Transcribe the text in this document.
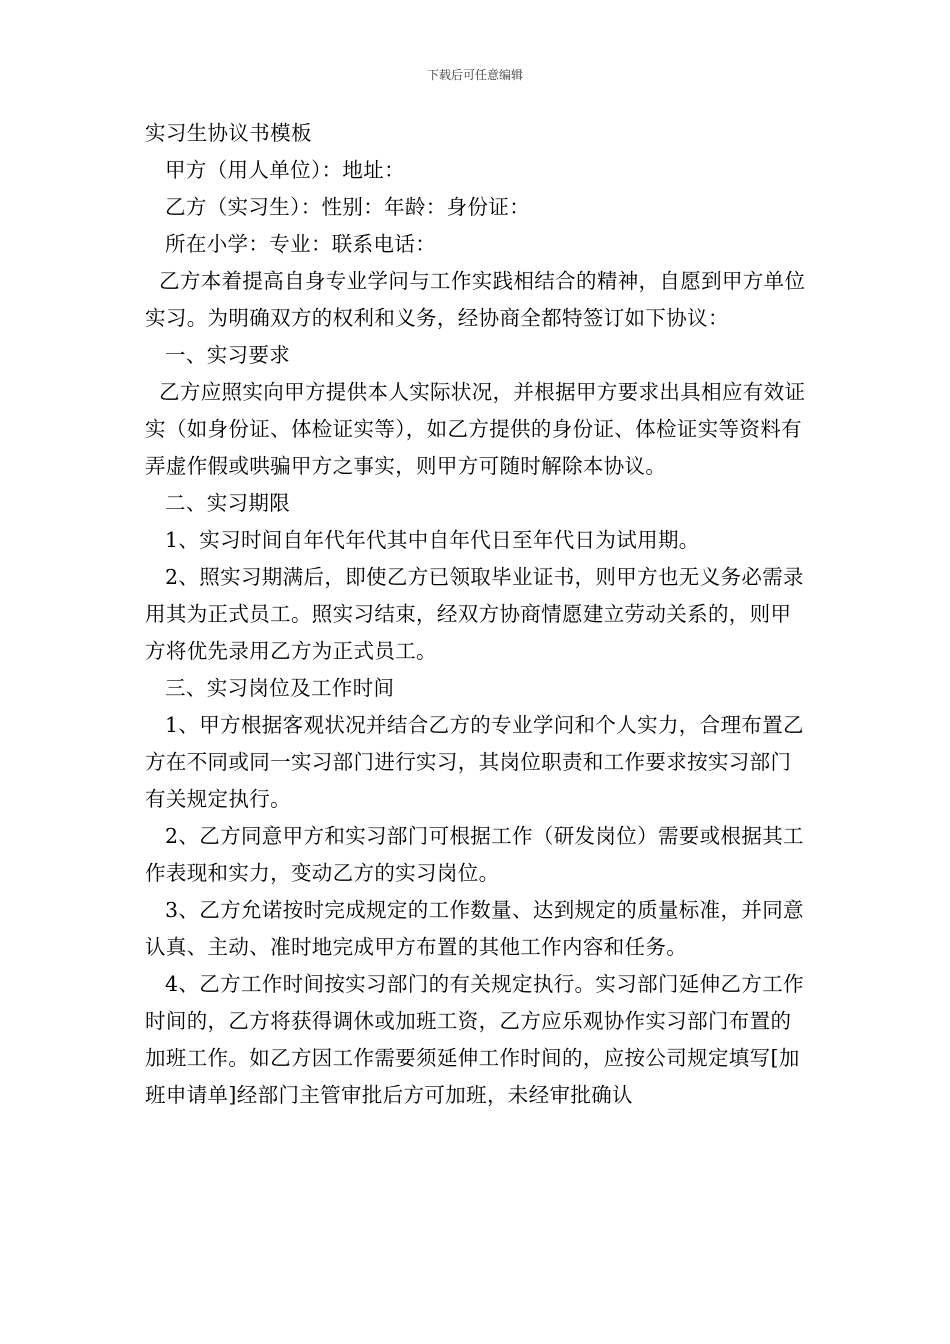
下载后可任意编辑

实习生协议书模板

甲方（用人单位）：地址：

乙方（实习生）：性别：年龄：身份证：

所在小学：专业：联系电话：

乙方本着提高自身专业学问与工作实践相结合的精神，自愿到甲方单位实习。为明确双方的权利和义务，经协商全都特签订如下协议：

一、实习要求

乙方应照实向甲方提供本人实际状况，并根据甲方要求出具相应有效证实（如身份证、体检证实等），如乙方提供的身份证、体检证实等资料有弄虚作假或哄骗甲方之事实，则甲方可随时解除本协议。

二、实习期限

1、实习时间自年代年代其中自年代日至年代日为试用期。

2、照实习期满后，即使乙方已领取毕业证书，则甲方也无义务必需录用其为正式员工。照实习结束，经双方协商情愿建立劳动关系的，则甲方将优先录用乙方为正式员工。

三、实习岗位及工作时间

1、甲方根据客观状况并结合乙方的专业学问和个人实力，合理布置乙方在不同或同一实习部门进行实习，其岗位职责和工作要求按实习部门有关规定执行。

2、乙方同意甲方和实习部门可根据工作（研发岗位）需要或根据其工作表现和实力，变动乙方的实习岗位。

3、乙方允诺按时完成规定的工作数量、达到规定的质量标准，并同意认真、主动、准时地完成甲方布置的其他工作内容和任务。

4、乙方工作时间按实习部门的有关规定执行。实习部门延伸乙方工作时间的，乙方将获得调休或加班工资，乙方应乐观协作实习部门布置的加班工作。如乙方因工作需要须延伸工作时间的，应按公司规定填写[加班申请单]经部门主管审批后方可加班，未经审批确认
